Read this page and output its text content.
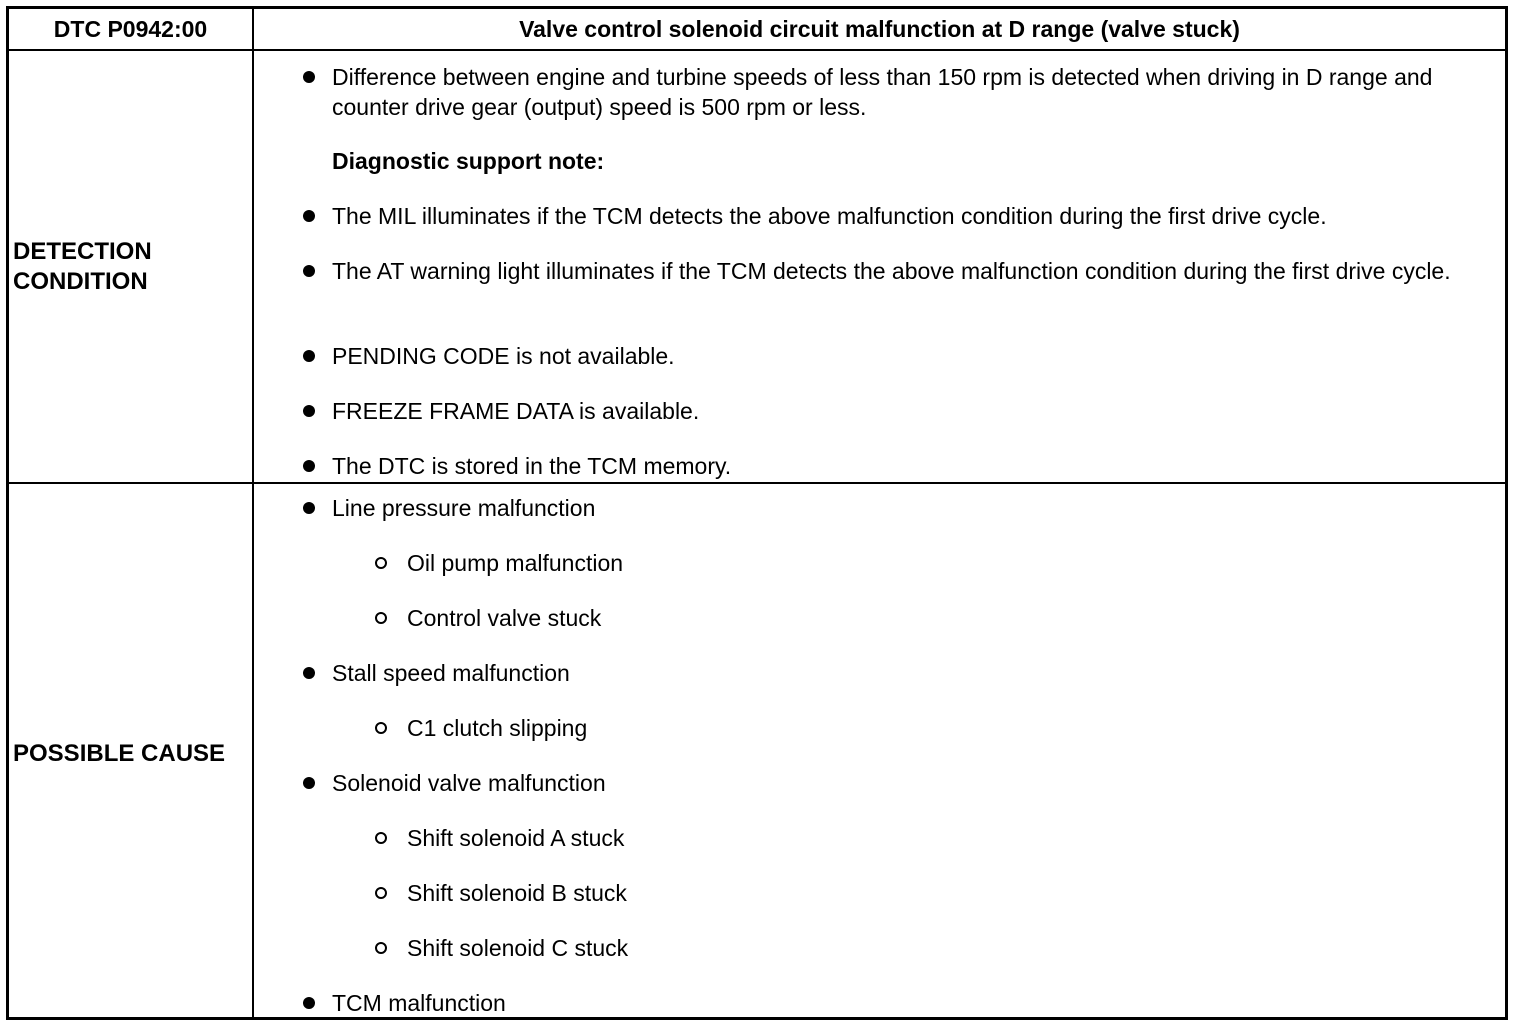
DTC P0942:00	Valve control solenoid circuit malfunction at D range (valve stuck)
DETECTION CONDITION
Difference between engine and turbine speeds of less than 150 rpm is detected when driving in D range and counter drive gear (output) speed is 500 rpm or less.
Diagnostic support note:
The MIL illuminates if the TCM detects the above malfunction condition during the first drive cycle.
The AT warning light illuminates if the TCM detects the above malfunction condition during the first drive cycle.
PENDING CODE is not available.
FREEZE FRAME DATA is available.
The DTC is stored in the TCM memory.
POSSIBLE CAUSE
Line pressure malfunction
Oil pump malfunction
Control valve stuck
Stall speed malfunction
C1 clutch slipping
Solenoid valve malfunction
Shift solenoid A stuck
Shift solenoid B stuck
Shift solenoid C stuck
TCM malfunction
